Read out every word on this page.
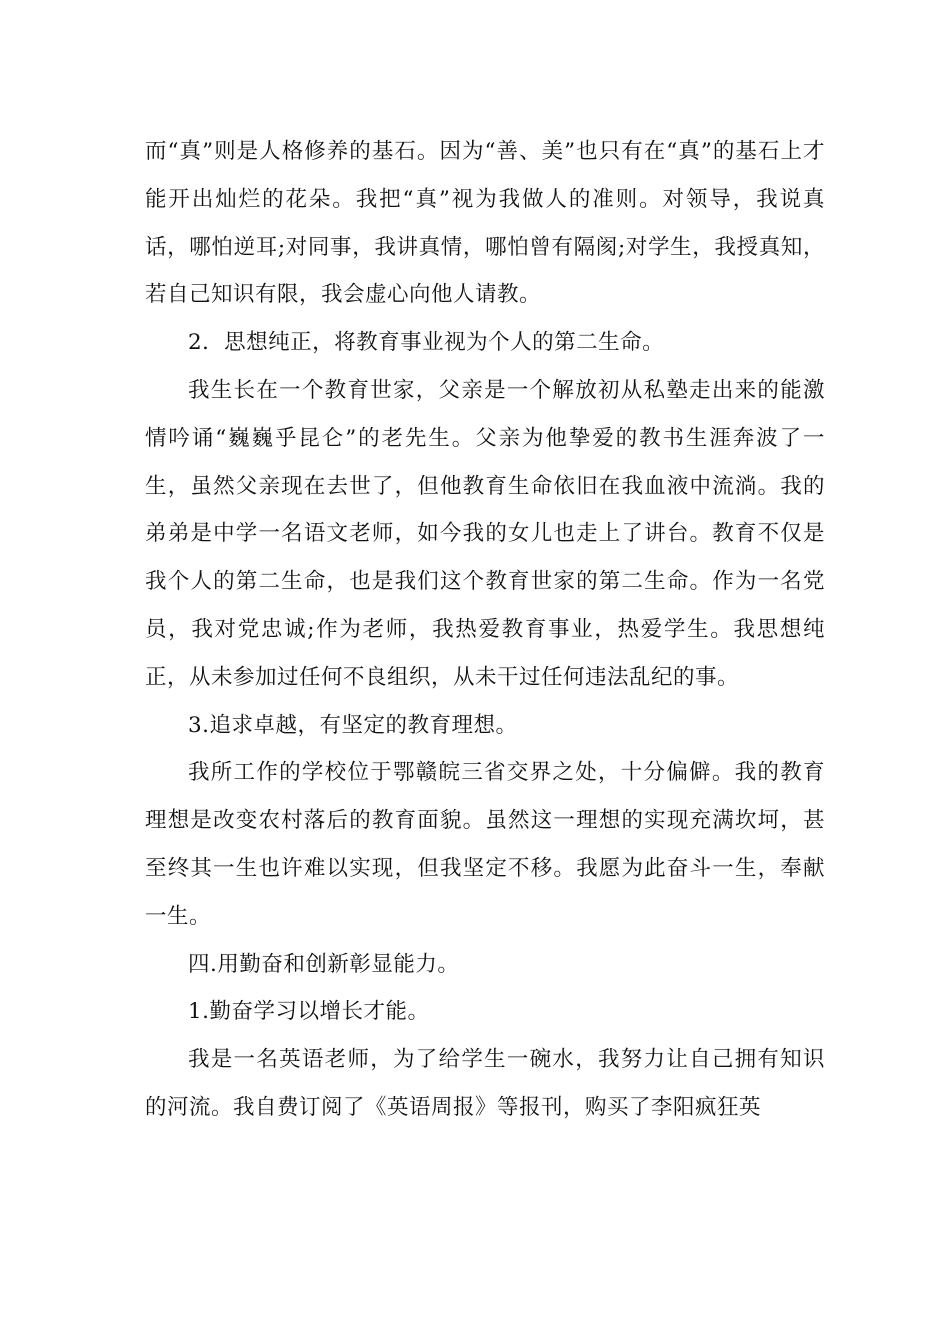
而“真”则是人格修养的基石。因为“善、美”也只有在“真”的基石上才能开出灿烂的花朵。我把“真”视为我做人的准则。对领导，我说真话，哪怕逆耳;对同事，我讲真情，哪怕曾有隔阂;对学生，我授真知，若自己知识有限，我会虚心向他人请教。

2．思想纯正，将教育事业视为个人的第二生命。

我生长在一个教育世家，父亲是一个解放初从私塾走出来的能激情吟诵“巍巍乎昆仑”的老先生。父亲为他挚爱的教书生涯奔波了一生，虽然父亲现在去世了，但他教育生命依旧在我血液中流淌。我的弟弟是中学一名语文老师，如今我的女儿也走上了讲台。教育不仅是我个人的第二生命，也是我们这个教育世家的第二生命。作为一名党员，我对党忠诚;作为老师，我热爱教育事业，热爱学生。我思想纯正，从未参加过任何不良组织，从未干过任何违法乱纪的事。

3.追求卓越，有坚定的教育理想。

我所工作的学校位于鄂赣皖三省交界之处，十分偏僻。我的教育理想是改变农村落后的教育面貌。虽然这一理想的实现充满坎坷，甚至终其一生也许难以实现，但我坚定不移。我愿为此奋斗一生，奉献一生。

四.用勤奋和创新彰显能力。

1.勤奋学习以增长才能。

我是一名英语老师，为了给学生一碗水，我努力让自己拥有知识的河流。我自费订阅了《英语周报》等报刊，购买了李阳疯狂英
